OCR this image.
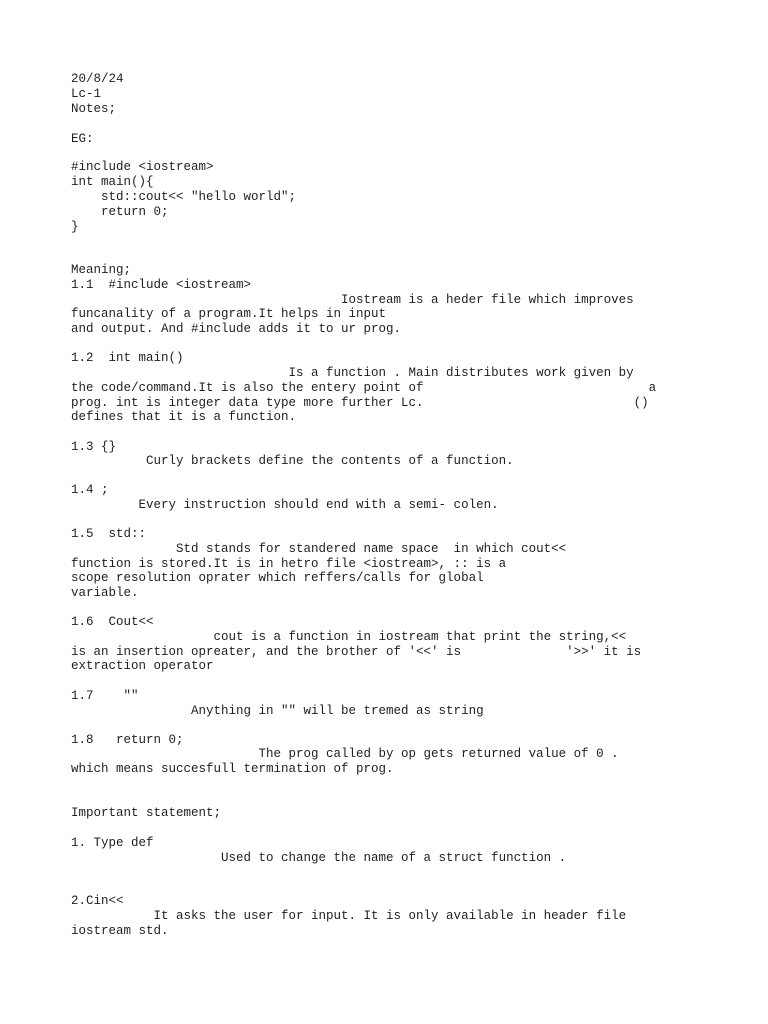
20/8/24

Lc-1

Notes;

EG:

#include <iostream>

int main(){

std::cout<< "hello world";

return 0;

}

Meaning;

1.1  #include <iostream>

Iostream is a heder file which improves

funcanality of a program.It helps in input

and output. And #include adds it to ur prog.

1.2  int main()

Is a function . Main distributes work given by

the code/command.It is also the entery point of                              a

prog. int is integer data type more further Lc.                            ()

defines that it is a function.

1.3 {}

Curly brackets define the contents of a function.

1.4 ;

Every instruction should end with a semi- colen.

1.5  std::

Std stands for standered name space  in which cout<<

function is stored.It is in hetro file <iostream>, :: is a

scope resolution oprater which reffers/calls for global

variable.

1.6  Cout<<

cout is a function in iostream that print the string,<<

is an insertion opreater, and the brother of '<<' is              '>>' it is

extraction operator

1.7    ""

Anything in "" will be tremed as string

1.8   return 0;

The prog called by op gets returned value of 0 .

which means succesfull termination of prog.

Important statement;

1. Type def

Used to change the name of a struct function .

2.Cin<<

It asks the user for input. It is only available in header file

iostream std.
